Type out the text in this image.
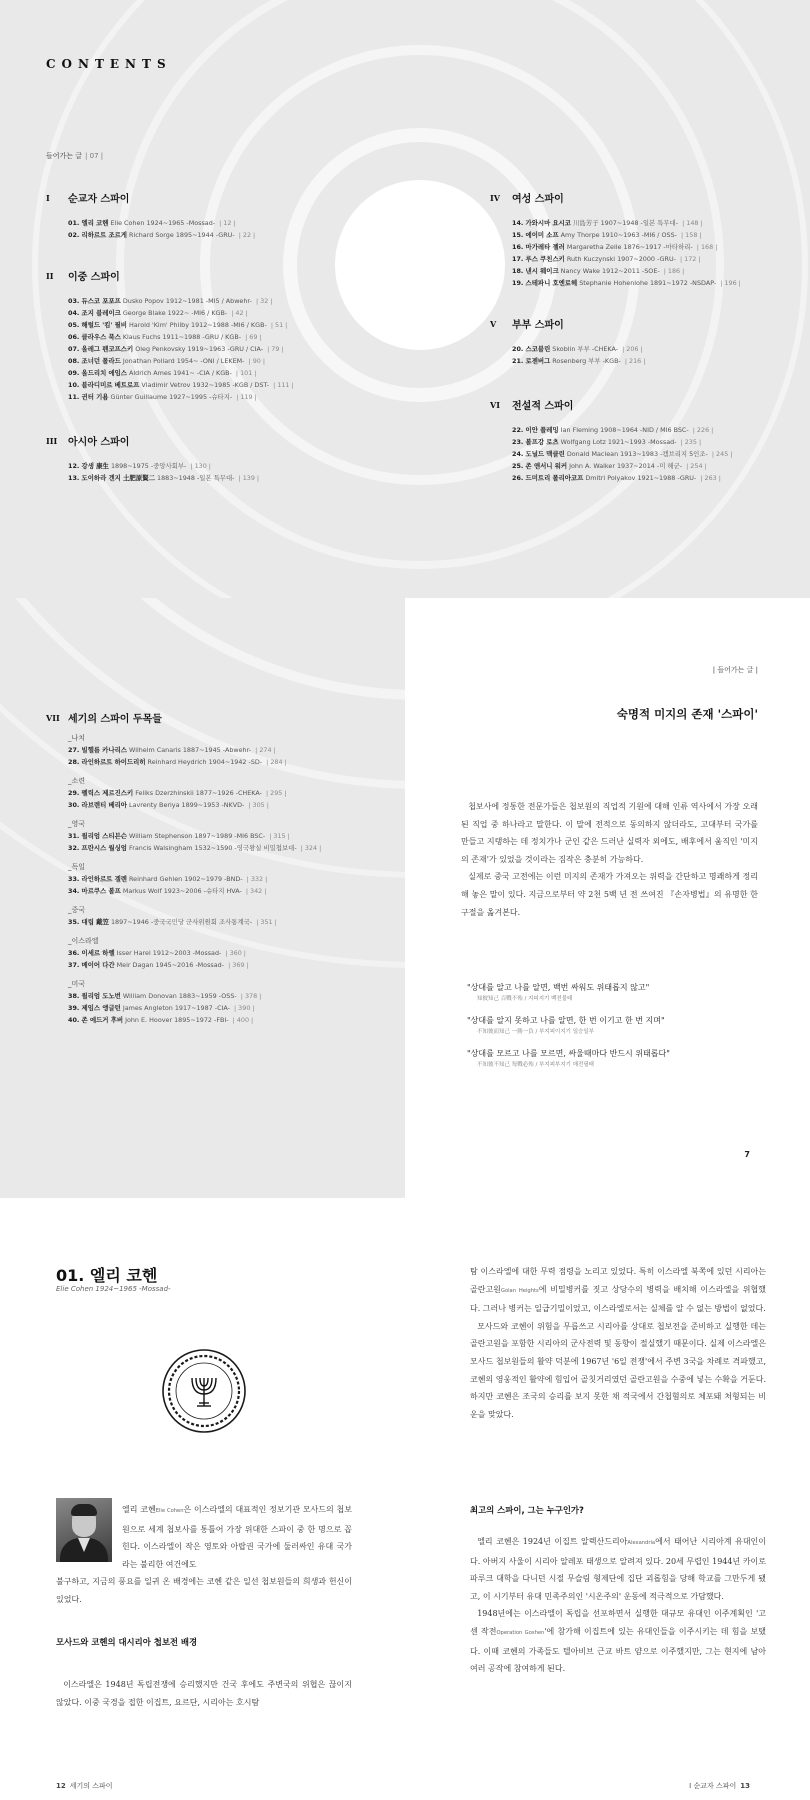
CONTENTS
들어가는 글 | 07 |
I	순교자 스파이
01. 엘리 코헨 Elie Cohen 1924~1965 -Mossad- | 12 |
02. 리하르트 조르게 Richard Sorge 1895~1944 -GRU- | 22 |
II	이중 스파이
03. 듀스코 포포프 Dusko Popov 1912~1981 -MI5 / Abwehr- | 32 |
04. 조지 블레이크 George Blake 1922~ -MI6 / KGB- | 42 |
05. 해럴드 '킴' 필비 Harold 'Kim' Philby 1912~1988 -MI6 / KGB- | 51 |
06. 클라우스 푹스 Klaus Fuchs 1911~1988 -GRU / KGB- | 69 |
07. 올레그 펜코프스키 Oleg Penkovsky 1919~1963 -GRU / CIA- | 79 |
08. 조너던 폴라드 Jonathan Pollard 1954~ -ONI / LEKEM- | 90 |
09. 올드리치 에임스 Aldrich Ames 1941~ -CIA / KGB- | 101 |
10. 블라디미르 베트로프 Vladimir Vetrov 1932~1985 -KGB / DST- | 111 |
11. 귄터 기욤 Günter Guillaume 1927~1995 -슈타지- | 119 |
III	아시아 스파이
12. 강생 康生 1898~1975 -중앙사회부- | 130 |
13. 도이하라 겐지 土肥原賢二 1883~1948 -일본 특무대- | 139 |
IV	여성 스파이
14. 가와시마 요시코 川島芳子 1907~1948 -일본 특무대- | 148 |
15. 에이미 소프 Amy Thorpe 1910~1963 -MI6 / OSS- | 158 |
16. 마가레타 젤러 Margaretha Zelle 1876~1917 -마타하리- | 168 |
17. 루스 쿠친스키 Ruth Kuczynski 1907~2000 -GRU- | 172 |
18. 낸시 웨이크 Nancy Wake 1912~2011 -SOE- | 186 |
19. 스테파니 호엔로헤 Stephanie Hohenlohe 1891~1972 -NSDAP- | 196 |
V	부부 스파이
20. 스코블린 Skoblin 부부 -CHEKA- | 206 |
21. 로젠버그 Rosenberg 부부 -KGB- | 216 |
VI	전설적 스파이
22. 이안 플레밍 Ian Fleming 1908~1964 -NID / MI6 BSC- | 226 |
23. 볼프강 로츠 Wolfgang Lotz 1921~1993 -Mossad- | 235 |
24. 도널드 맥클린 Donald Maclean 1913~1983 -캠브리지 5인조- | 245 |
25. 존 앤서니 워커 John A. Walker 1937~2014 -미 해군- | 254 |
26. 드미트리 폴리아코프 Dmitri Polyakov 1921~1988 -GRU- | 263 |
VII 세기의 스파이 두목들
_나치
27. 빌헬름 카나리스 Wilhelm Canaris 1887~1945 -Abwehr- | 274 |
28. 라인하르트 하이드리히 Reinhard Heydrich 1904~1942 -SD- | 284 |
_소련
29. 펠릭스 제르진스키 Feliks Dzerzhinskii 1877~1926 -CHEKA- | 295 |
30. 라브렌티 베리아 Lavrenty Beriya 1899~1953 -NKVD- | 305 |
_영국
31. 윌리엄 스티븐슨 William Stephenson 1897~1989 -MI6 BSC- | 315 |
32. 프란시스 월싱엄 Francis Walsingham 1532~1590 -영국왕실 비밀첩보대- | 324 |
_독일
33. 라인하르트 겔렌 Reinhard Gehlen 1902~1979 -BND- | 332 |
34. 마르쿠스 볼프 Markus Wolf 1923~2006 -슈타지 HVA- | 342 |
_중국
35. 대립 戴笠 1897~1946 -중국국민당 군사위원회 조사통계국- | 351 |
_이스라엘
36. 이세르 하렐 Isser Harel 1912~2003 -Mossad- | 360 |
37. 메이어 다간 Meir Dagan 1945~2016 -Mossad- | 369 |
_미국
38. 윌리엄 도노번 William Donovan 1883~1959 -OSS- | 378 |
39. 제임스 앵글턴 James Angleton 1917~1987 -CIA- | 390 |
40. 존 에드거 후버 John E. Hoover 1895~1972 -FBI- | 400 |
| 들어가는 글 |
숙명적 미지의 존재 '스파이'

첩보사에 정통한 전문가들은 첩보원의 직업적 기원에 대해 인류 역사에서 가장 오래된 직업 중 하나라고 말한다. 이 말에 전적으로 동의하지 않더라도, 고대부터 국가를 만들고 지탱하는 데 정치가나 군인 같은 드러난 실력자 외에도, 배후에서 움직인 '미지의 존재'가 있었을 것이라는 짐작은 충분히 가능하다.

실제로 중국 고전에는 이런 미지의 존재가 가져오는 위력을 간단하고 명쾌하게 정리해 놓은 말이 있다. 지금으로부터 약 2천 5백 년 전 쓰여진 『손자병법』의 유명한 한 구절을 옮겨본다.

"상대를 알고 나를 알면, 백번 싸워도 위태롭지 않고"
知彼知己 百戰不殆 / 지피지기 백전불태
"상대를 알지 못하고 나를 알면, 한 번 이기고 한 번 지며"
不知彼而知己 一勝一負 / 부지피이지기 일승일부
"상대를 모르고 나를 모르면, 싸울때마다 반드시 위태롭다"
不知彼不知己 每戰必殆 / 부지피부지기 매전필태
7
01. 엘리 코헨
Elie Cohen 1924~1965 -Mossad-
엘리 코헨Elie Cohen은 이스라엘의 대표적인 정보기관 모사드의 첩보원으로 세계 첩보사를 통틀어 가장 위대한 스파이 중 한 명으로 꼽힌다. 이스라엘이 작은 영토와 아랍권 국가에 둘러싸인 유대 국가라는 불리한 여건에도
불구하고, 지금의 풍요를 일귀 온 배경에는 코헨 같은 일선 첩보원들의 희생과 헌신이 있었다.
모사드와 코헨의 대시리아 첩보전 배경

이스라엘은 1948년 독립전쟁에 승리했지만 건국 후에도 주변국의 위협은 끊이지 않았다. 이중 국경을 접한 이집트, 요르단, 시리아는 호시탐

탐 이스라엘에 대한 무력 점령을 노리고 있었다. 특히 이스라엘 북쪽에 있던 시리아는 골란고원Golan Heights에 비밀병커를 짓고 상당수의 병력을 배치해 이스라엘을 위협했다. 그러나 병커는 일급기밀이었고, 이스라엘로서는 실체를 알 수 없는 방법이 없었다.

모사드와 코헨이 위험을 무릅쓰고 시리아를 상대로 첩보전을 준비하고 실행한 데는 골란고원을 포함한 시리아의 군사전력 및 동향이 절실했기 때문이다. 실제 이스라엘은 모사드 첩보원들의 활약 덕분에 1967년 '6일 전쟁'에서 주변 3국을 차례로 격파했고, 코헨의 영웅적인 활약에 힘입어 골칫거리였던 골란고원을 수중에 넣는 수확을 거둔다. 하지만 코헨은 조국의 승리를 보지 못한 채 적국에서 간첩혐의로 체포돼 처형되는 비운을 맞았다.

최고의 스파이, 그는 누구인가?

엘리 코헨은 1924년 이집트 알렉산드리아Alexandria에서 태어난 시리아계 유대인이다. 아버지 사울이 시리아 알레포 태생으로 알려져 있다. 20세 무렵인 1944년 카이로 파루크 대학을 다니던 시절 무슬림 형제단에 집단 괴롭힘을 당해 학교를 그만두게 됐고, 이 시기부터 유대 민족주의인 '시온주의' 운동에 적극적으로 가담했다.

1948년에는 이스라엘이 독립을 선포하면서 실행한 대규모 유대인 이주계획인 '고센 작전Operation Goshen'에 참가해 이집트에 있는 유대인들을 이주시키는 데 힘을 보탰다. 이때 코헨의 가족들도 텔아비브 근교 바트 얌으로 이주했지만, 그는 현지에 남아 여러 공작에 참여하게 된다.

12 세기의 스파이	I 순교자 스파이 13
